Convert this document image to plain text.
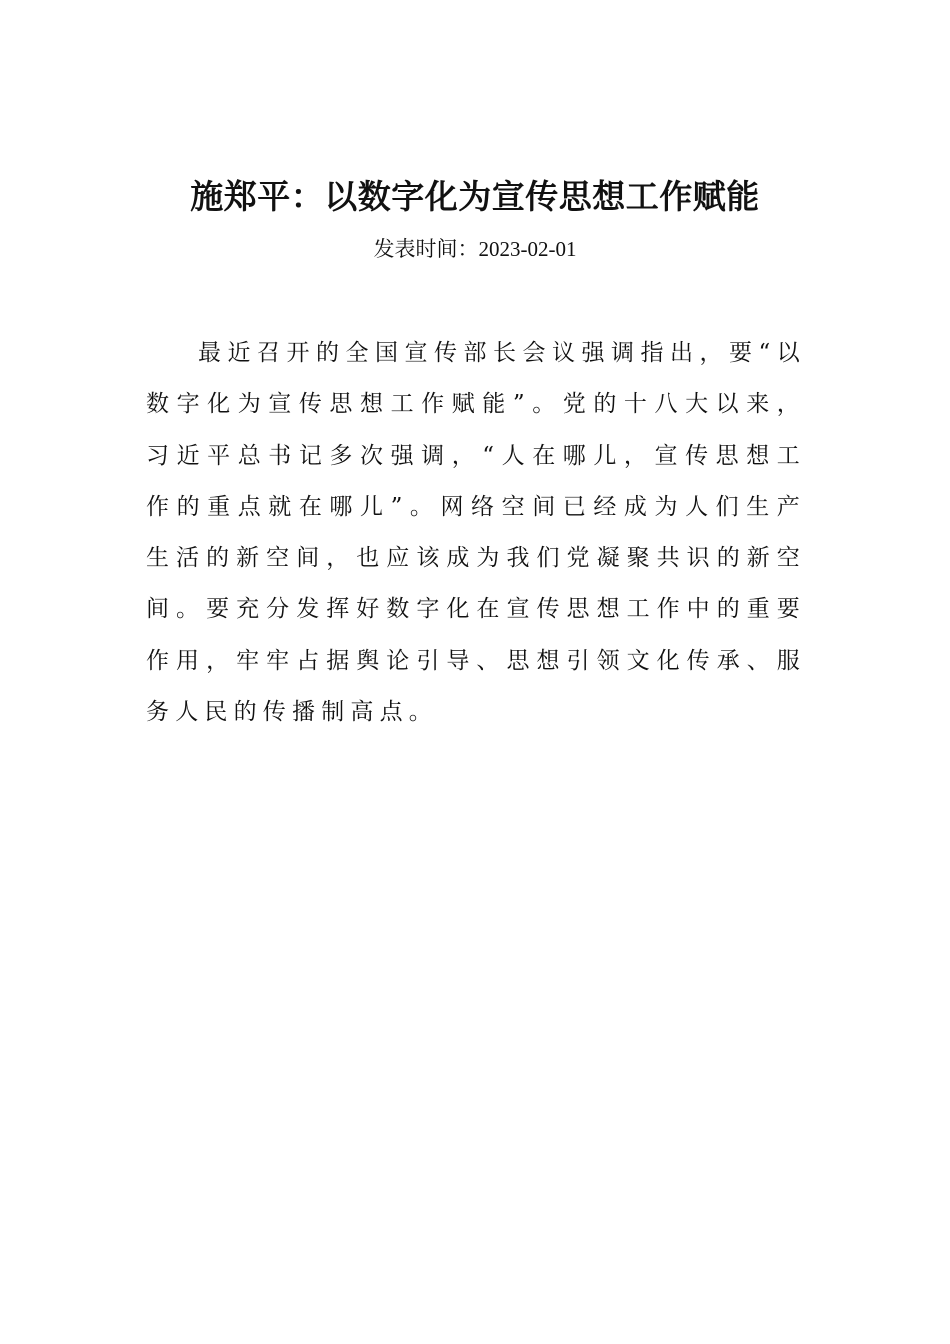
施郑平：以数字化为宣传思想工作赋能
发表时间：2023-02-01

最近召开的全国宣传部长会议强调指出，要“以数字化为宣传思想工作赋能”。党的十八大以来，习近平总书记多次强调，“人在哪儿，宣传思想工作的重点就在哪儿”。网络空间已经成为人们生产生活的新空间，也应该成为我们党凝聚共识的新空间。要充分发挥好数字化在宣传思想工作中的重要作用，牢牢占据舆论引导、思想引领文化传承、服务人民的传播制高点。
